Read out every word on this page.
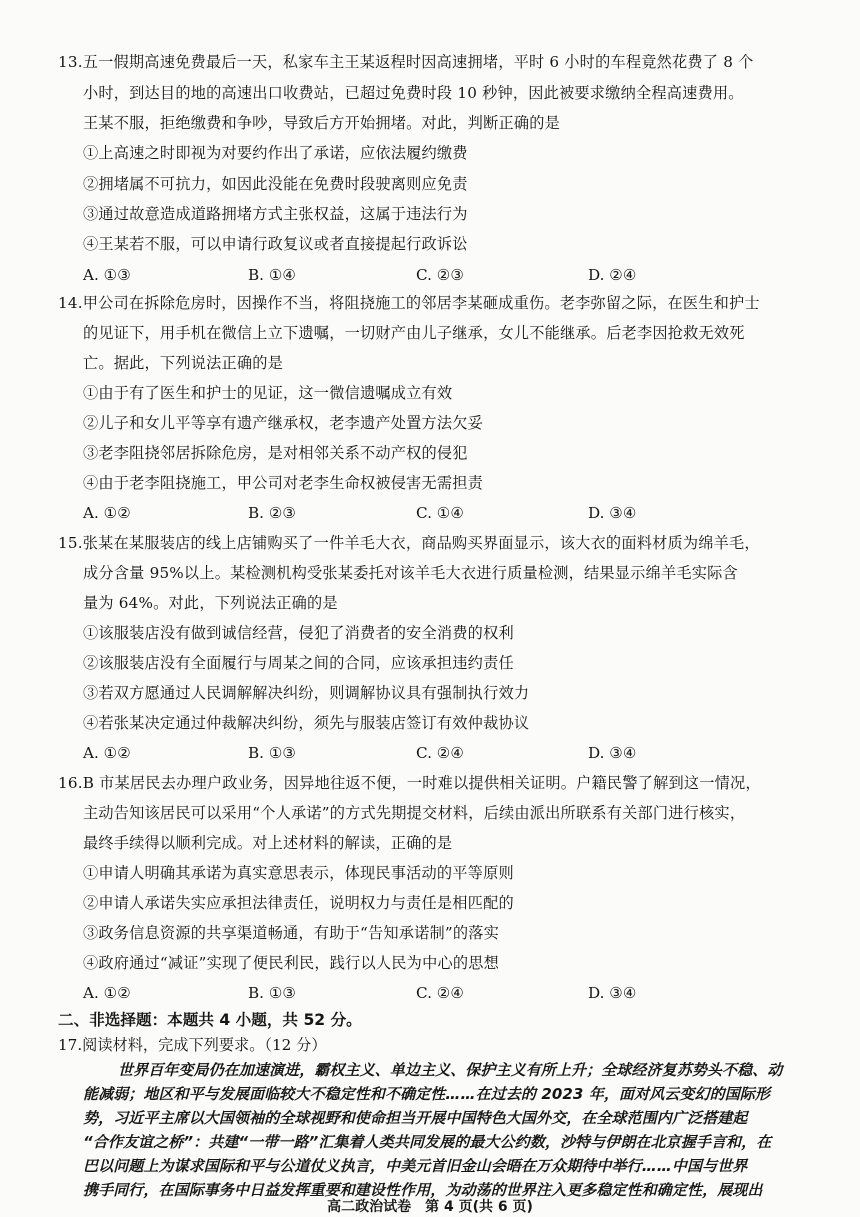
13.五一假期高速免费最后一天，私家车主王某返程时因高速拥堵，平时 6 小时的车程竟然花费了 8 个
小时，到达目的地的高速出口收费站，已超过免费时段 10 秒钟，因此被要求缴纳全程高速费用。
王某不服，拒绝缴费和争吵，导致后方开始拥堵。对此，判断正确的是
①上高速之时即视为对要约作出了承诺，应依法履约缴费
②拥堵属不可抗力，如因此没能在免费时段驶离则应免责
③通过故意造成道路拥堵方式主张权益，这属于违法行为
④王某若不服，可以申请行政复议或者直接提起行政诉讼
A. ①③	B. ①④	C. ②③	D. ②④
14.甲公司在拆除危房时，因操作不当，将阻挠施工的邻居李某砸成重伤。老李弥留之际，在医生和护士
的见证下，用手机在微信上立下遗嘱，一切财产由儿子继承，女儿不能继承。后老李因抢救无效死
亡。据此，下列说法正确的是
①由于有了医生和护士的见证，这一微信遗嘱成立有效
②儿子和女儿平等享有遗产继承权，老李遗产处置方法欠妥
③老李阻挠邻居拆除危房，是对相邻关系不动产权的侵犯
④由于老李阻挠施工，甲公司对老李生命权被侵害无需担责
A. ①②	B. ②③	C. ①④	D. ③④
15.张某在某服装店的线上店铺购买了一件羊毛大衣，商品购买界面显示，该大衣的面料材质为绵羊毛，
成分含量 95%以上。某检测机构受张某委托对该羊毛大衣进行质量检测，结果显示绵羊毛实际含
量为 64%。对此，下列说法正确的是
①该服装店没有做到诚信经营，侵犯了消费者的安全消费的权利
②该服装店没有全面履行与周某之间的合同，应该承担违约责任
③若双方愿通过人民调解解决纠纷，则调解协议具有强制执行效力
④若张某决定通过仲裁解决纠纷，须先与服装店签订有效仲裁协议
A. ①②	B. ①③	C. ②④	D. ③④
16.B 市某居民去办理户政业务，因异地往返不便，一时难以提供相关证明。户籍民警了解到这一情况，
主动告知该居民可以采用“个人承诺”的方式先期提交材料，后续由派出所联系有关部门进行核实，
最终手续得以顺利完成。对上述材料的解读，正确的是
①申请人明确其承诺为真实意思表示，体现民事活动的平等原则
②申请人承诺失实应承担法律责任，说明权力与责任是相匹配的
③政务信息资源的共享渠道畅通，有助于“告知承诺制”的落实
④政府通过“减证”实现了便民利民，践行以人民为中心的思想
A. ①②	B. ①③	C. ②④	D. ③④
二、非选择题：本题共 4 小题，共 52 分。
17.阅读材料，完成下列要求。（12 分）
世界百年变局仍在加速演进，霸权主义、单边主义、保护主义有所上升；全球经济复苏势头不稳、动
能减弱；地区和平与发展面临较大不稳定性和不确定性……在过去的 2023 年，面对风云变幻的国际形
势，习近平主席以大国领袖的全球视野和使命担当开展中国特色大国外交，在全球范围内广泛搭建起
“合作友谊之桥”：共建“一带一路”汇集着人类共同发展的最大公约数，沙特与伊朗在北京握手言和，在
巴以问题上为谋求国际和平与公道仗义执言，中美元首旧金山会晤在万众期待中举行……中国与世界
携手同行，在国际事务中日益发挥重要和建设性作用，为动荡的世界注入更多稳定性和确定性，展现出
高二政治试卷　第 4 页(共 6 页)
